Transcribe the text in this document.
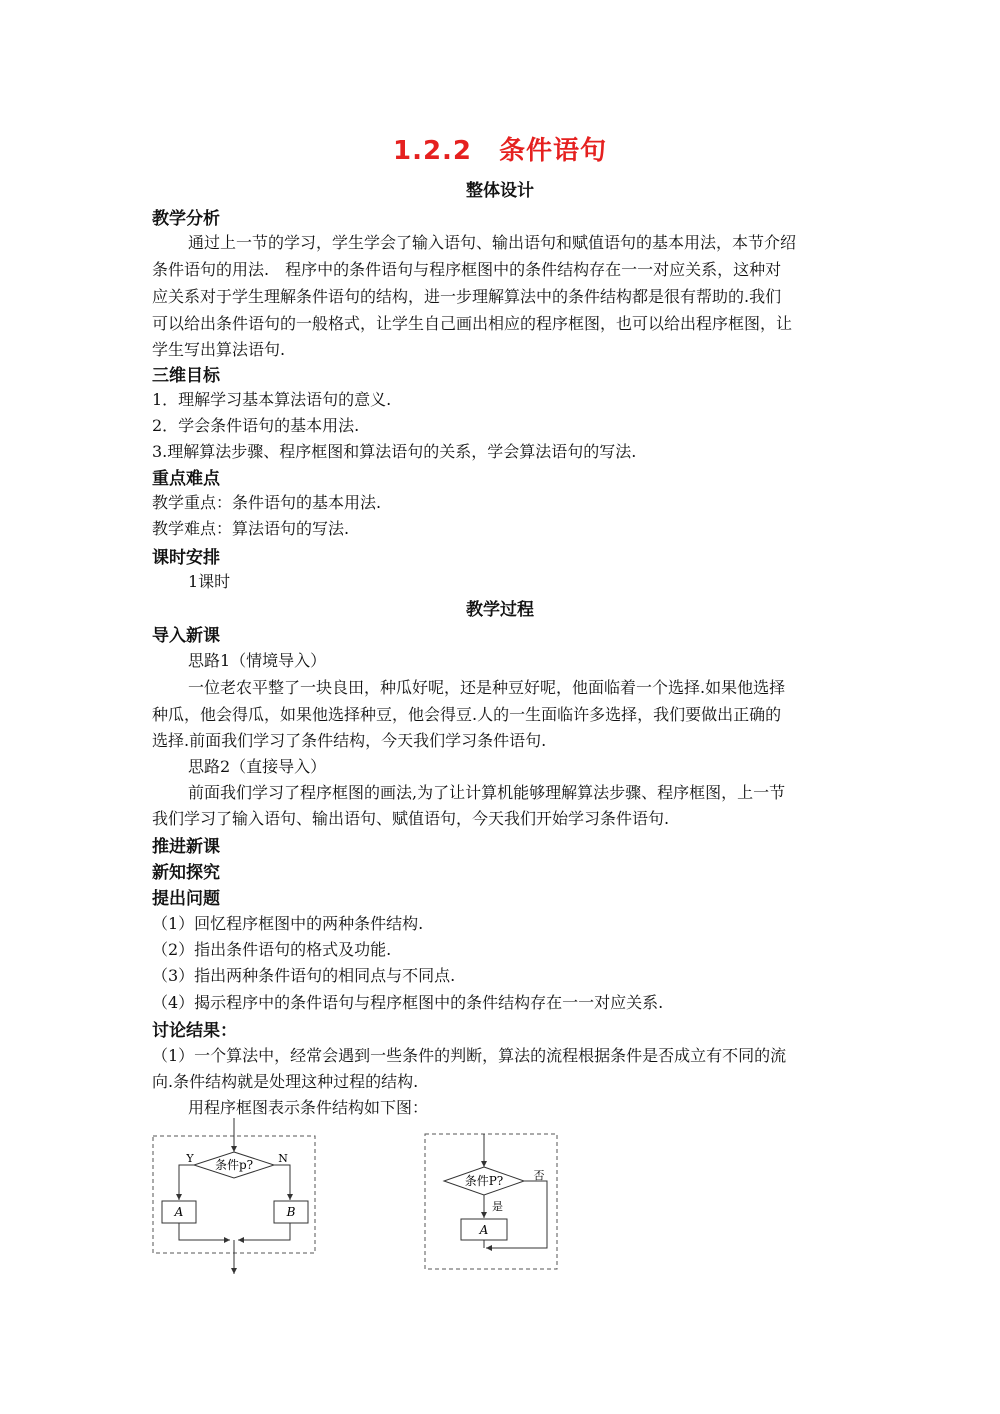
1.2.2　条件语句
整体设计
教学分析
通过上一节的学习，学生学会了输入语句、输出语句和赋值语句的基本用法，本节介绍
条件语句的用法.　程序中的条件语句与程序框图中的条件结构存在一一对应关系，这种对
应关系对于学生理解条件语句的结构，进一步理解算法中的条件结构都是很有帮助的.我们
可以给出条件语句的一般格式，让学生自己画出相应的程序框图，也可以给出程序框图，让
学生写出算法语句.
三维目标
1．理解学习基本算法语句的意义.
2．学会条件语句的基本用法.
3.理解算法步骤、程序框图和算法语句的关系，学会算法语句的写法.
重点难点
教学重点：条件语句的基本用法.
教学难点：算法语句的写法.
课时安排
1课时
教学过程
导入新课
思路1（情境导入）
一位老农平整了一块良田，种瓜好呢，还是种豆好呢，他面临着一个选择.如果他选择
种瓜，他会得瓜，如果他选择种豆，他会得豆.人的一生面临许多选择，我们要做出正确的
选择.前面我们学习了条件结构，今天我们学习条件语句.
思路2（直接导入）
前面我们学习了程序框图的画法,为了让计算机能够理解算法步骤、程序框图，上一节
我们学习了输入语句、输出语句、赋值语句，今天我们开始学习条件语句.
推进新课
新知探究
提出问题
（1）回忆程序框图中的两种条件结构.
（2）指出条件语句的格式及功能.
（3）指出两种条件语句的相同点与不同点.
（4）揭示程序中的条件语句与程序框图中的条件结构存在一一对应关系.
讨论结果：
（1）一个算法中，经常会遇到一些条件的判断，算法的流程根据条件是否成立有不同的流
向.条件结构就是处理这种过程的结构.
用程序框图表示条件结构如下图：
条件p?
Y	N
A	B
条件P?	否
是
A
